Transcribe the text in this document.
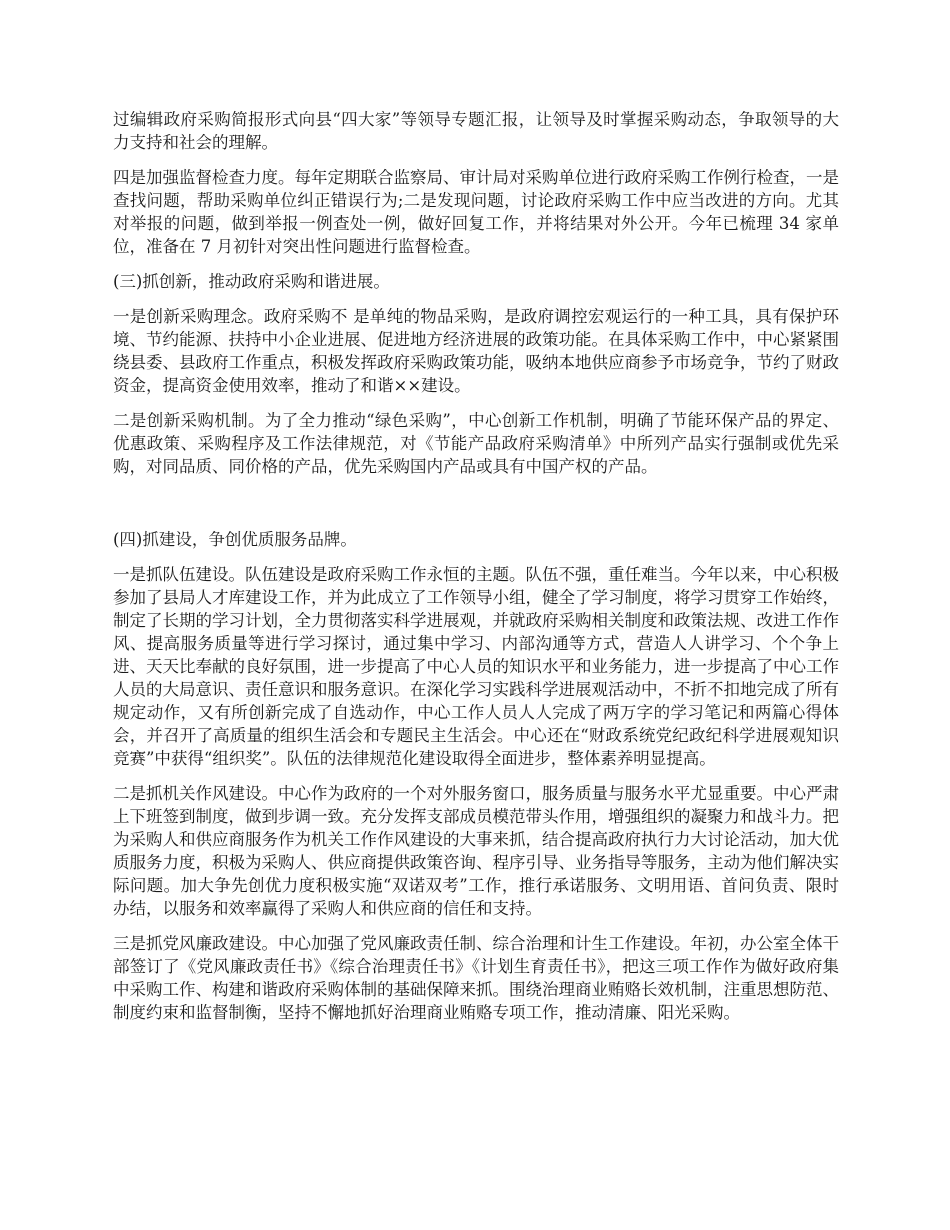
过编辑政府采购简报形式向县“四大家”等领导专题汇报，让领导及时掌握采购动态，争取领导的大力支持和社会的理解。

四是加强监督检查力度。每年定期联合监察局、审计局对采购单位进行政府采购工作例行检查，一是查找问题，帮助采购单位纠正错误行为;二是发现问题，讨论政府采购工作中应当改进的方向。尤其对举报的问题，做到举报一例查处一例，做好回复工作，并将结果对外公开。今年已梳理 34 家单位，准备在 7 月初针对突出性问题进行监督检查。

(三)抓创新，推动政府采购和谐进展。

一是创新采购理念。政府采购不 是单纯的物品采购，是政府调控宏观运行的一种工具，具有保护环境、节约能源、扶持中小企业进展、促进地方经济进展的政策功能。在具体采购工作中，中心紧紧围绕县委、县政府工作重点，积极发挥政府采购政策功能，吸纳本地供应商参予市场竞争，节约了财政资金，提高资金使用效率，推动了和谐××建设。

二是创新采购机制。为了全力推动“绿色采购”，中心创新工作机制，明确了节能环保产品的界定、优惠政策、采购程序及工作法律规范，对《节能产品政府采购清单》中所列产品实行强制或优先采购，对同品质、同价格的产品，优先采购国内产品或具有中国产权的产品。

(四)抓建设，争创优质服务品牌。

一是抓队伍建设。队伍建设是政府采购工作永恒的主题。队伍不强，重任难当。今年以来，中心积极参加了县局人才库建设工作，并为此成立了工作领导小组，健全了学习制度，将学习贯穿工作始终，制定了长期的学习计划，全力贯彻落实科学进展观，并就政府采购相关制度和政策法规、改进工作作风、提高服务质量等进行学习探讨，通过集中学习、内部沟通等方式，营造人人讲学习、个个争上进、天天比奉献的良好氛围，进一步提高了中心人员的知识水平和业务能力，进一步提高了中心工作人员的大局意识、责任意识和服务意识。在深化学习实践科学进展观活动中，不折不扣地完成了所有规定动作，又有所创新完成了自选动作，中心工作人员人人完成了两万字的学习笔记和两篇心得体会，并召开了高质量的组织生活会和专题民主生活会。中心还在“财政系统党纪政纪科学进展观知识竞赛”中获得“组织奖”。队伍的法律规范化建设取得全面进步，整体素养明显提高。

二是抓机关作风建设。中心作为政府的一个对外服务窗口，服务质量与服务水平尤显重要。中心严肃上下班签到制度，做到步调一致。充分发挥支部成员模范带头作用，增强组织的凝聚力和战斗力。把为采购人和供应商服务作为机关工作作风建设的大事来抓，结合提高政府执行力大讨论活动，加大优质服务力度，积极为采购人、供应商提供政策咨询、程序引导、业务指导等服务，主动为他们解决实际问题。加大争先创优力度积极实施“双诺双考”工作，推行承诺服务、文明用语、首问负责、限时办结，以服务和效率赢得了采购人和供应商的信任和支持。

三是抓党风廉政建设。中心加强了党风廉政责任制、综合治理和计生工作建设。年初，办公室全体干部签订了《党风廉政责任书》《综合治理责任书》《计划生育责任书》，把这三项工作作为做好政府集中采购工作、构建和谐政府采购体制的基础保障来抓。围绕治理商业贿赂长效机制，注重思想防范、制度约束和监督制衡，坚持不懈地抓好治理商业贿赂专项工作，推动清廉、阳光采购。
